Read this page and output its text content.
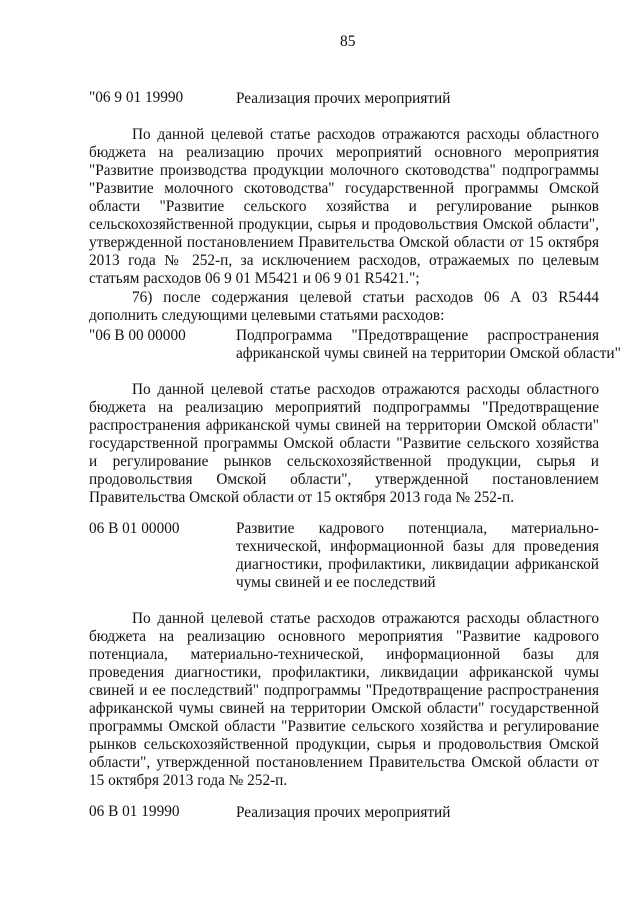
85
"06 9 01 19990	Реализация прочих мероприятий
По данной целевой статье расходов отражаются расходы областного
бюджета на реализацию прочих мероприятий основного мероприятия
"Развитие производства продукции молочного скотоводства" подпрограммы
"Развитие молочного скотоводства" государственной программы Омской
области "Развитие сельского хозяйства и регулирование рынков
сельскохозяйственной продукции, сырья и продовольствия Омской области",
утвержденной постановлением Правительства Омской области от 15 октября
2013 года № 252-п, за исключением расходов, отражаемых по целевым
статьям расходов 06 9 01 M5421 и 06 9 01 R5421.";
76) после содержания целевой статьи расходов 06 А 03 R5444
дополнить следующими целевыми статьями расходов:
"06 В 00 00000	Подпрограмма "Предотвращение распространения
африканской чумы свиней на территории Омской области"
По данной целевой статье расходов отражаются расходы областного
бюджета на реализацию мероприятий подпрограммы "Предотвращение
распространения африканской чумы свиней на территории Омской области"
государственной программы Омской области "Развитие сельского хозяйства
и регулирование рынков сельскохозяйственной продукции, сырья и
продовольствия Омской области", утвержденной постановлением
Правительства Омской области от 15 октября 2013 года № 252-п.
06 В 01 00000	Развитие кадрового потенциала, материально-
технической, информационной базы для проведения
диагностики, профилактики, ликвидации африканской
чумы свиней и ее последствий
По данной целевой статье расходов отражаются расходы областного
бюджета на реализацию основного мероприятия "Развитие кадрового
потенциала, материально-технической, информационной базы для
проведения диагностики, профилактики, ликвидации африканской чумы
свиней и ее последствий" подпрограммы "Предотвращение распространения
африканской чумы свиней на территории Омской области" государственной
программы Омской области "Развитие сельского хозяйства и регулирование
рынков сельскохозяйственной продукции, сырья и продовольствия Омской
области", утвержденной постановлением Правительства Омской области от
15 октября 2013 года № 252-п.
06 В 01 19990	Реализация прочих мероприятий
